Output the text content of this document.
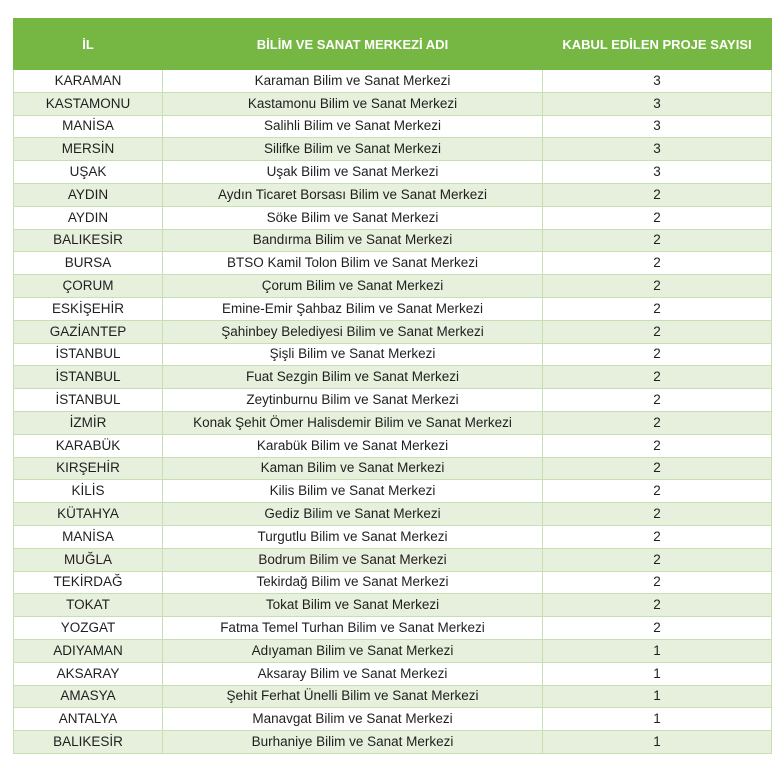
İL	BİLİM VE SANAT MERKEZİ ADI	KABUL EDİLEN PROJE SAYISI
KARAMAN	Karaman Bilim ve Sanat Merkezi	3
KASTAMONU	Kastamonu Bilim ve Sanat Merkezi	3
MANİSA	Salihli Bilim ve Sanat Merkezi	3
MERSİN	Silifke Bilim ve Sanat Merkezi	3
UŞAK	Uşak Bilim ve Sanat Merkezi	3
AYDIN	Aydın Ticaret Borsası Bilim ve Sanat Merkezi	2
AYDIN	Söke Bilim ve Sanat Merkezi	2
BALIKESİR	Bandırma Bilim ve Sanat Merkezi	2
BURSA	BTSO Kamil Tolon Bilim ve Sanat Merkezi	2
ÇORUM	Çorum Bilim ve Sanat Merkezi	2
ESKİŞEHİR	Emine-Emir Şahbaz Bilim ve Sanat Merkezi	2
GAZİANTEP	Şahinbey Belediyesi Bilim ve Sanat Merkezi	2
İSTANBUL	Şişli Bilim ve Sanat Merkezi	2
İSTANBUL	Fuat Sezgin Bilim ve Sanat Merkezi	2
İSTANBUL	Zeytinburnu Bilim ve Sanat Merkezi	2
İZMİR	Konak Şehit Ömer Halisdemir Bilim ve Sanat Merkezi	2
KARABÜK	Karabük Bilim ve Sanat Merkezi	2
KIRŞEHİR	Kaman Bilim ve Sanat Merkezi	2
KİLİS	Kilis Bilim ve Sanat Merkezi	2
KÜTAHYA	Gediz Bilim ve Sanat Merkezi	2
MANİSA	Turgutlu Bilim ve Sanat Merkezi	2
MUĞLA	Bodrum Bilim ve Sanat Merkezi	2
TEKİRDAĞ	Tekirdağ Bilim ve Sanat Merkezi	2
TOKAT	Tokat Bilim ve Sanat Merkezi	2
YOZGAT	Fatma Temel Turhan Bilim ve Sanat Merkezi	2
ADIYAMAN	Adıyaman Bilim ve Sanat Merkezi	1
AKSARAY	Aksaray Bilim ve Sanat Merkezi	1
AMASYA	Şehit Ferhat Ünelli Bilim ve Sanat Merkezi	1
ANTALYA	Manavgat Bilim ve Sanat Merkezi	1
BALIKESİR	Burhaniye Bilim ve Sanat Merkezi	1
